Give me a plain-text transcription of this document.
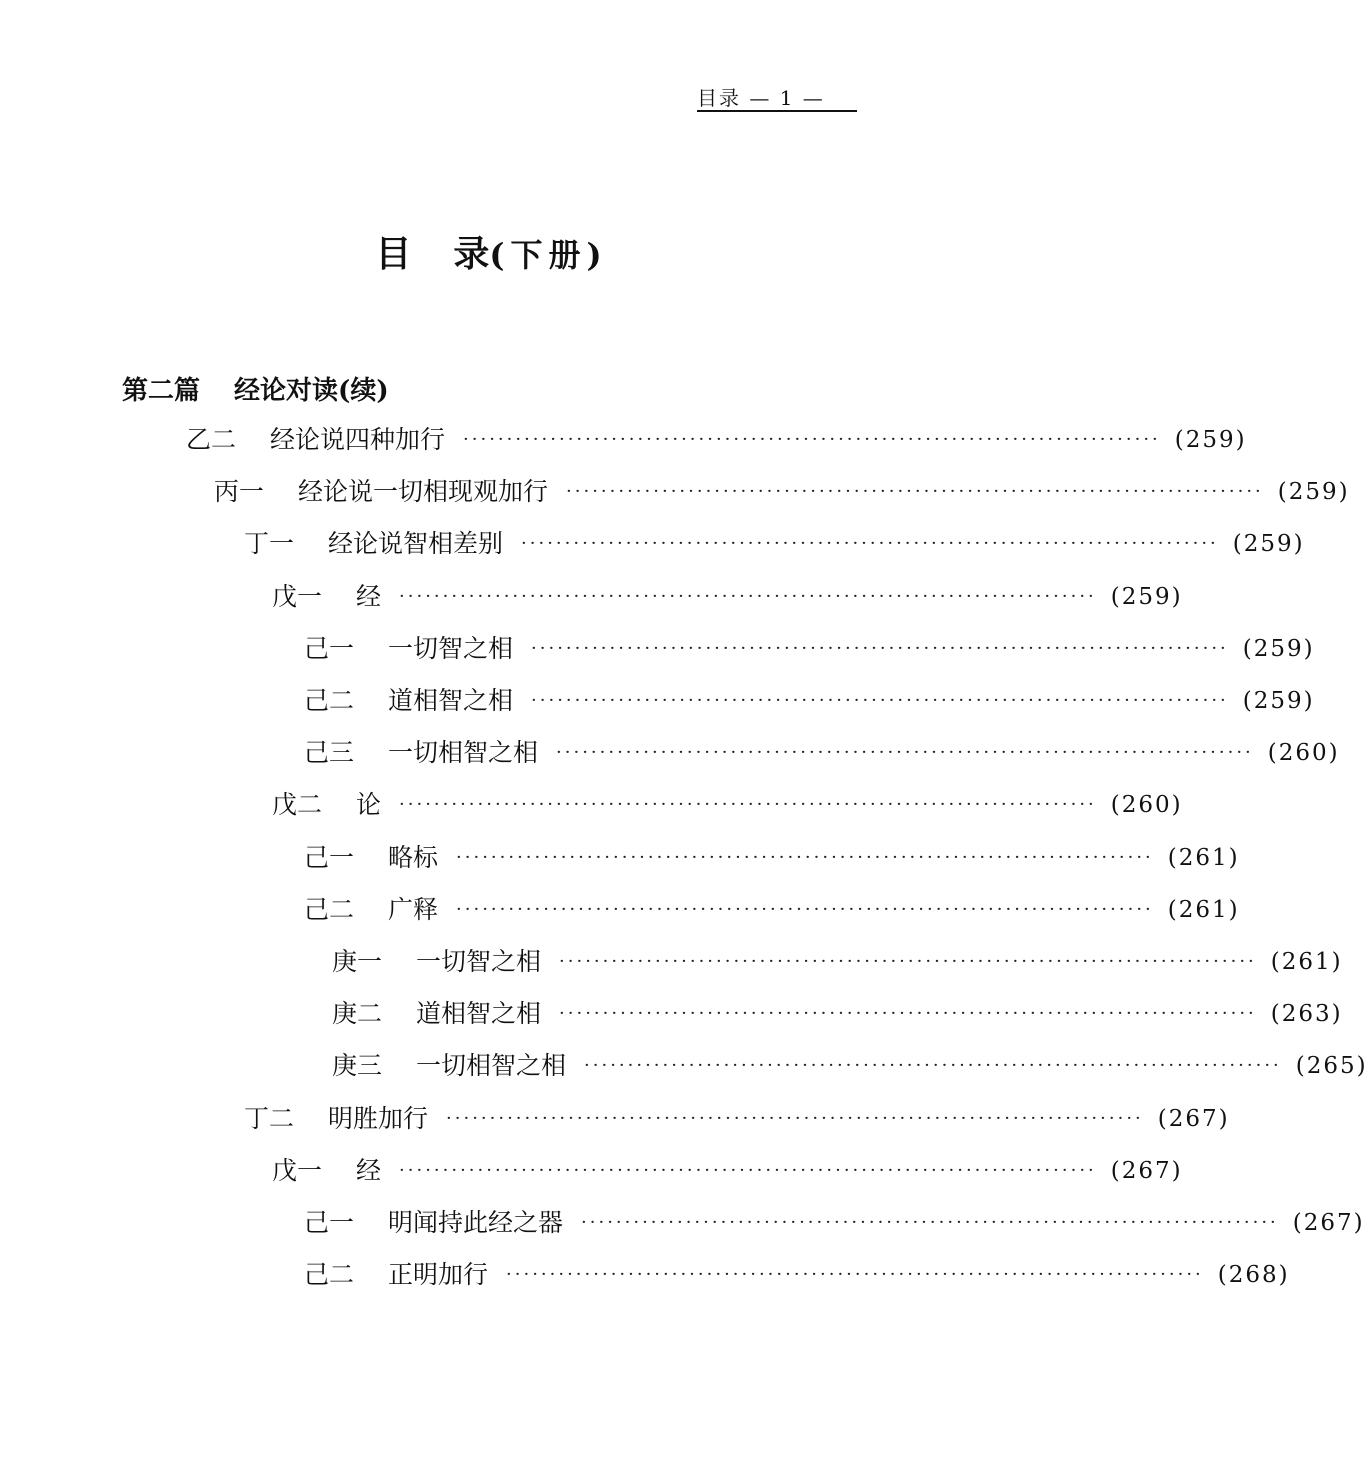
目录 — 1 —
目 录(下册)
第二篇 经论对读(续)
乙二 经论说四种加行 ················································································ (259)
丙一 经论说一切相现观加行 ················································································ (259)
丁一 经论说智相差别 ················································································ (259)
戊一 经 ················································································ (259)
己一 一切智之相 ················································································ (259)
己二 道相智之相 ················································································ (259)
己三 一切相智之相 ················································································ (260)
戊二 论 ················································································ (260)
己一 略标 ················································································ (261)
己二 广释 ················································································ (261)
庚一 一切智之相 ················································································ (261)
庚二 道相智之相 ················································································ (263)
庚三 一切相智之相 ················································································ (265)
丁二 明胜加行 ················································································ (267)
戊一 经 ················································································ (267)
己一 明闻持此经之器 ················································································ (267)
己二 正明加行 ················································································ (268)
